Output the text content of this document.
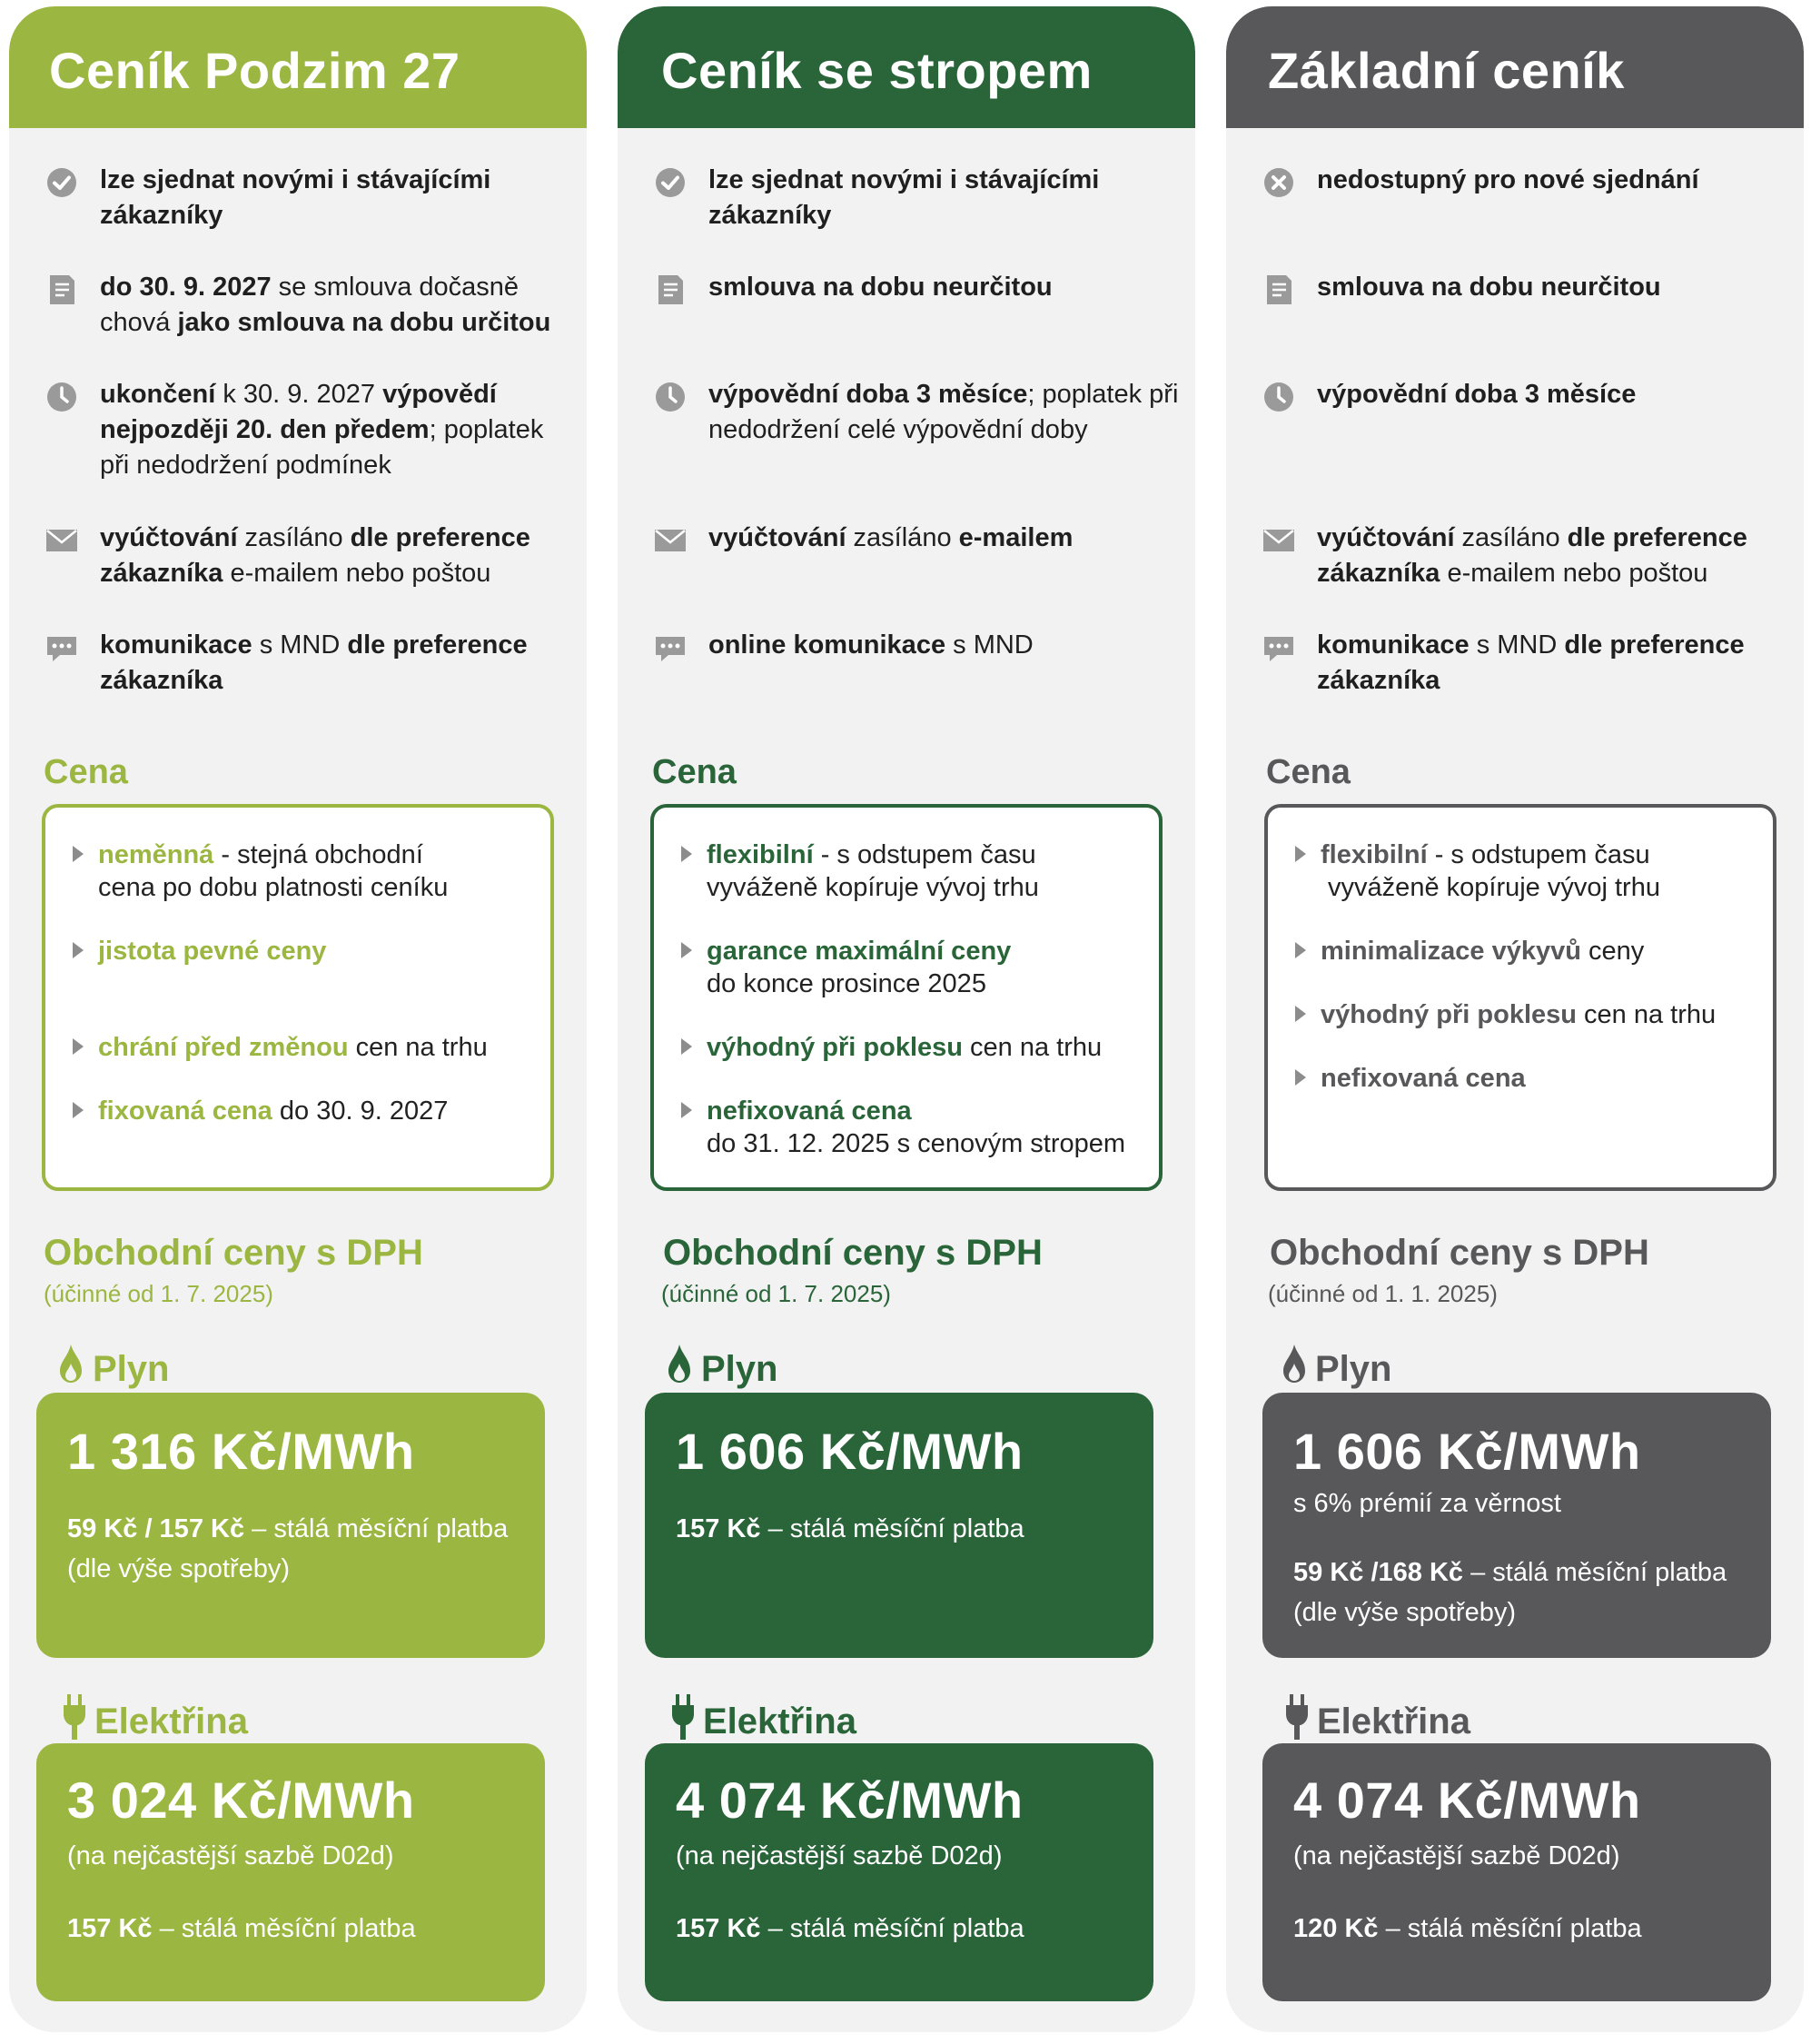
Ceník Podzim 27
lze sjednat novými i stávajícími zákazníky
do 30. 9. 2027 se smlouva dočasně chová jako smlouva na dobu určitou
ukončení k 30. 9. 2027 výpovědí nejpozději 20. den předem; poplatek při nedodržení podmínek
vyúčtování zasíláno dle preference zákazníka e-mailem nebo poštou
komunikace s MND dle preference zákazníka
Cena
neměnná - stejná obchodní
cena po dobu platnosti ceníku
jistota pevné ceny
chrání před změnou cen na trhu
fixovaná cena do 30. 9. 2027
Obchodní ceny s DPH
(účinné od 1. 7. 2025)
Plyn
1 316 Kč/MWh
59 Kč / 157 Kč – stálá měsíční platba
(dle výše spotřeby)
Elektřina
3 024 Kč/MWh
(na nejčastější sazbě D02d)
157 Kč – stálá měsíční platba
Ceník se stropem
lze sjednat novými i stávajícími zákazníky
smlouva na dobu neurčitou
výpovědní doba 3 měsíce; poplatek při nedodržení celé výpovědní doby
vyúčtování zasíláno e-mailem
online komunikace s MND
Cena
flexibilní - s odstupem času
vyváženě kopíruje vývoj trhu
garance maximální ceny
do konce prosince 2025
výhodný při poklesu cen na trhu
nefixovaná cena
do 31. 12. 2025 s cenovým stropem
Obchodní ceny s DPH
(účinné od 1. 7. 2025)
Plyn
1 606 Kč/MWh
157 Kč – stálá měsíční platba
Elektřina
4 074 Kč/MWh
(na nejčastější sazbě D02d)
157 Kč – stálá měsíční platba
Základní ceník
nedostupný pro nové sjednání
smlouva na dobu neurčitou
výpovědní doba 3 měsíce
vyúčtování zasíláno dle preference zákazníka e-mailem nebo poštou
komunikace s MND dle preference zákazníka
Cena
flexibilní - s odstupem času
vyváženě kopíruje vývoj trhu
minimalizace výkyvů ceny
výhodný při poklesu cen na trhu
nefixovaná cena
Obchodní ceny s DPH
(účinné od 1. 1. 2025)
Plyn
1 606 Kč/MWh
s 6% prémií za věrnost
59 Kč /168 Kč – stálá měsíční platba
(dle výše spotřeby)
Elektřina
4 074 Kč/MWh
(na nejčastější sazbě D02d)
120 Kč – stálá měsíční platba
